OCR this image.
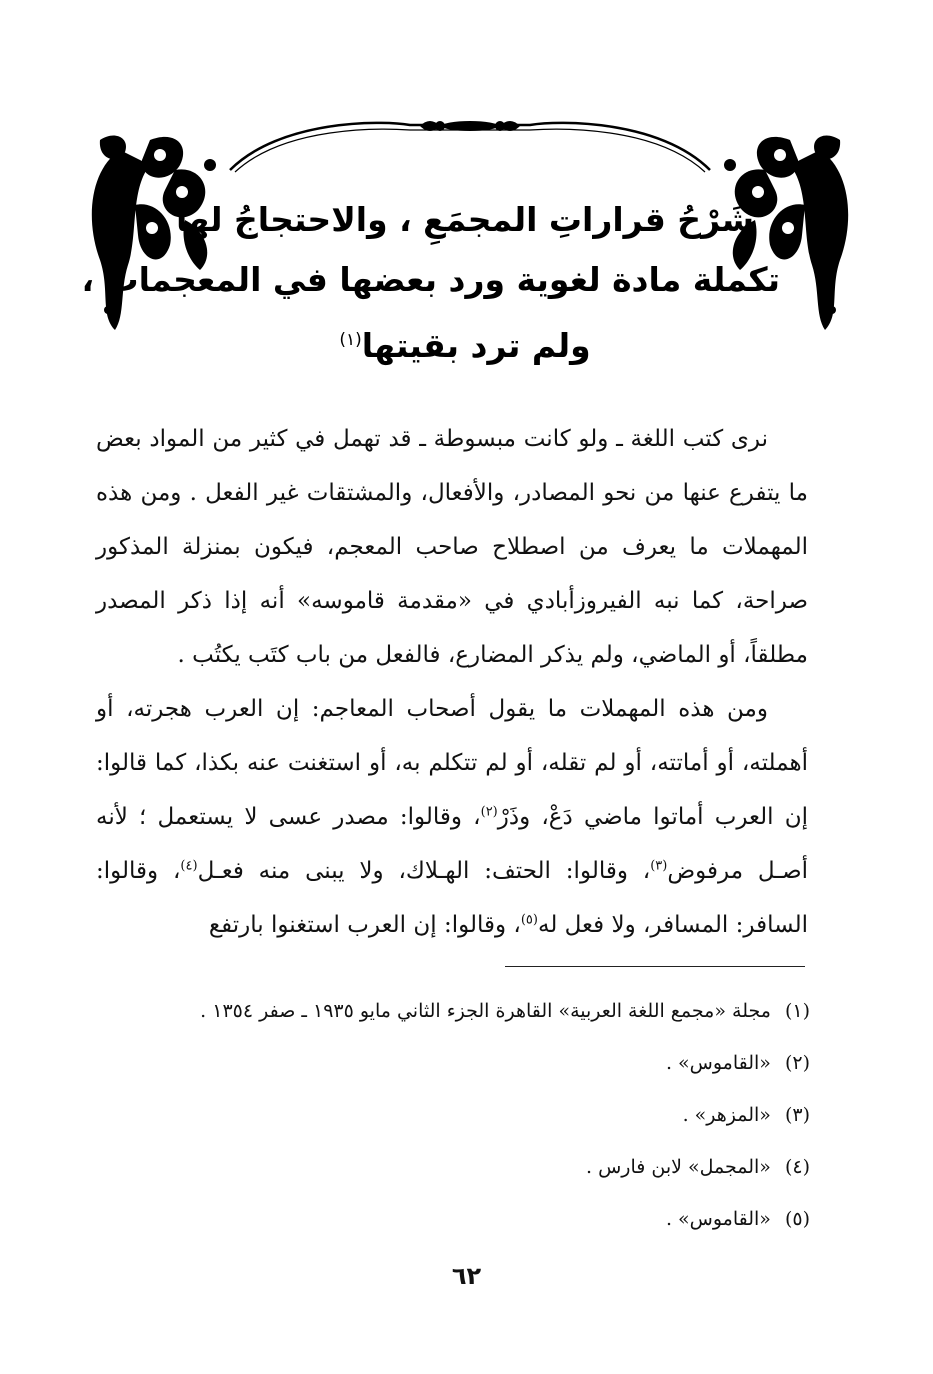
شَرْحُ قراراتِ المجمَعِ ، والاحتجاجُ لها
تكملة مادة لغوية ورد بعضها في المعجمات ،
ولم ترد بقيتها$^{(١)}$

نرى كتب اللغة ـ ولو كانت مبسوطة ـ قد تهمل في كثير من المواد بعض ما يتفرع عنها من نحو المصادر، والأفعال، والمشتقات غير الفعل . ومن هذه المهملات ما يعرف من اصطلاح صاحب المعجم، فيكون بمنزلة المذكور صراحة، كما نبه الفيروزأبادي في «مقدمة قاموسه» أنه إذا ذكر المصدر مطلقاً، أو الماضي، ولم يذكر المضارع، فالفعل من باب كتَب يكتُب .

ومن هذه المهملات ما يقول أصحاب المعاجم: إن العرب هجرته، أو أهملته، أو أماتته، أو لم تقله، أو لم تتكلم به، أو استغنت عنه بكذا، كما قالوا: إن العرب أماتوا ماضي دَعْ، وذَرْ$^{(٢)}$، وقالوا: مصدر عسى لا يستعمل ؛ لأنه أصـل مرفوض$^{(٣)}$، وقالوا: الحتف: الهـلاك، ولا يبنى منه فعـل$^{(٤)}$، وقالوا: السافر: المسافر، ولا فعل له$^{(٥)}$، وقالوا: إن العرب استغنوا بارتفع

(١)مجلة «مجمع اللغة العربية» القاهرة الجزء الثاني مايو ١٩٣٥ ـ صفر ١٣٥٤ .
(٢)«القاموس» .
(٣)«المزهر» .
(٤)«المجمل» لابن فارس .
(٥)«القاموس» .
٦٢
